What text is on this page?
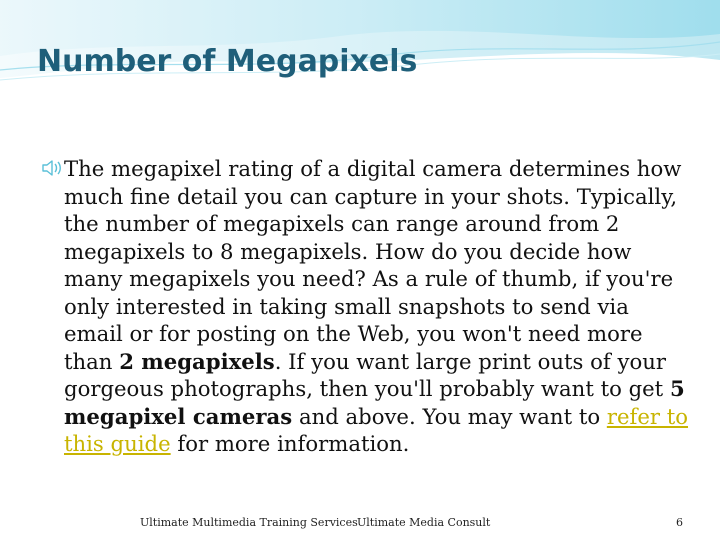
Number of Megapixels

The megapixel rating of a digital camera determines how much fine detail you can capture in your shots. Typically, the number of megapixels can range around from 2 megapixels to 8 megapixels. How do you decide how many megapixels you need? As a rule of thumb, if you're only interested in taking small snapshots to send via email or for posting on the Web, you won't need more than 2 megapixels. If you want large print outs of your gorgeous photographs, then you'll probably want to get 5 megapixel cameras and above. You may want to refer to this guide for more information.

Ultimate Multimedia Training Services Ultimate Media Consult	6
